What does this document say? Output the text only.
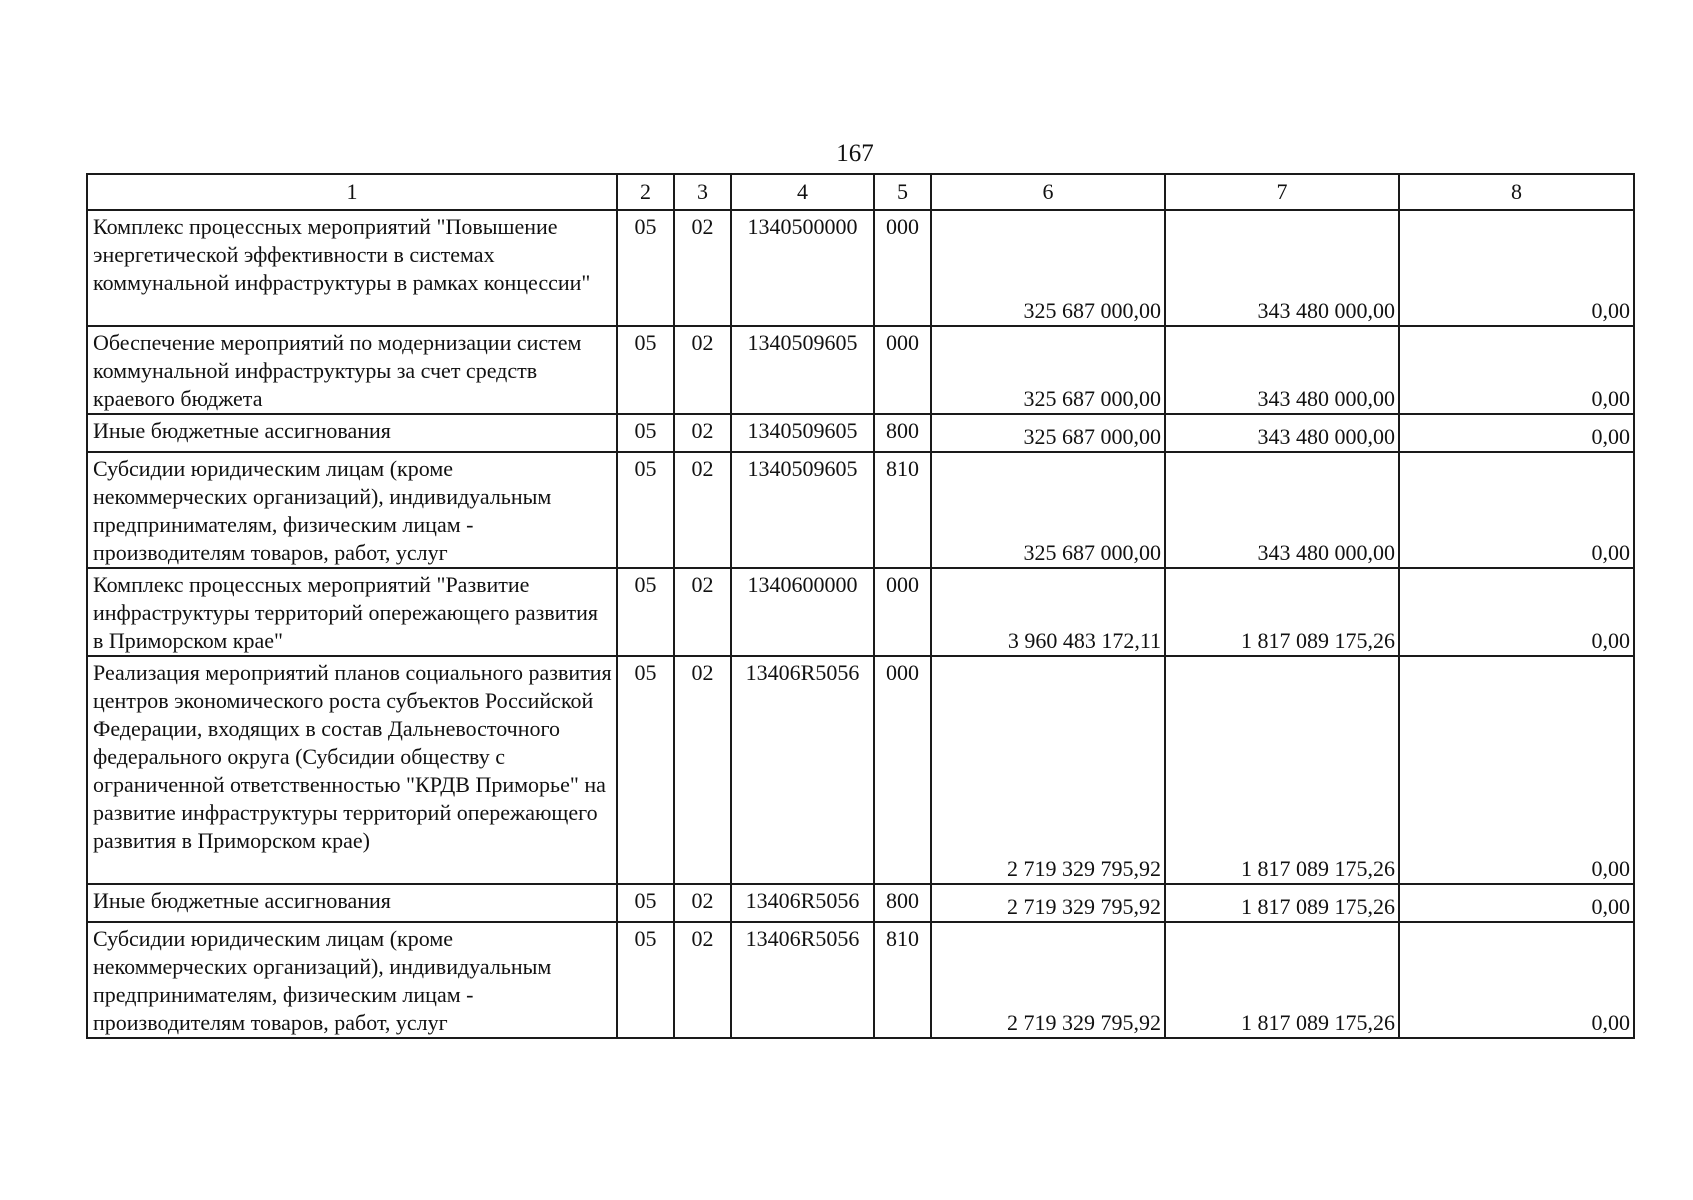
167
1	2	3	4	5	6	7	8
Комплекс процессных мероприятий "Повышение энергетической эффективности в системах коммунальной инфраструктуры в рамках концессии"	05	02	1340500000	000	325 687 000,00	343 480 000,00	0,00
Обеспечение мероприятий по модернизации систем коммунальной инфраструктуры за счет средств краевого бюджета	05	02	1340509605	000	325 687 000,00	343 480 000,00	0,00
Иные бюджетные ассигнования	05	02	1340509605	800	325 687 000,00	343 480 000,00	0,00
Субсидии юридическим лицам (кроме некоммерческих организаций), индивидуальным предпринимателям, физическим лицам - производителям товаров, работ, услуг	05	02	1340509605	810	325 687 000,00	343 480 000,00	0,00
Комплекс процессных мероприятий "Развитие инфраструктуры территорий опережающего развития в Приморском крае"	05	02	1340600000	000	3 960 483 172,11	1 817 089 175,26	0,00
Реализация мероприятий планов социального развития центров экономического роста субъектов Российской Федерации, входящих в состав Дальневосточного федерального округа (Субсидии обществу с ограниченной ответственностью "КРДВ Приморье" на развитие инфраструктуры территорий опережающего развития в Приморском крае)	05	02	13406R5056	000	2 719 329 795,92	1 817 089 175,26	0,00
Иные бюджетные ассигнования	05	02	13406R5056	800	2 719 329 795,92	1 817 089 175,26	0,00
Субсидии юридическим лицам (кроме некоммерческих организаций), индивидуальным предпринимателям, физическим лицам - производителям товаров, работ, услуг	05	02	13406R5056	810	2 719 329 795,92	1 817 089 175,26	0,00
